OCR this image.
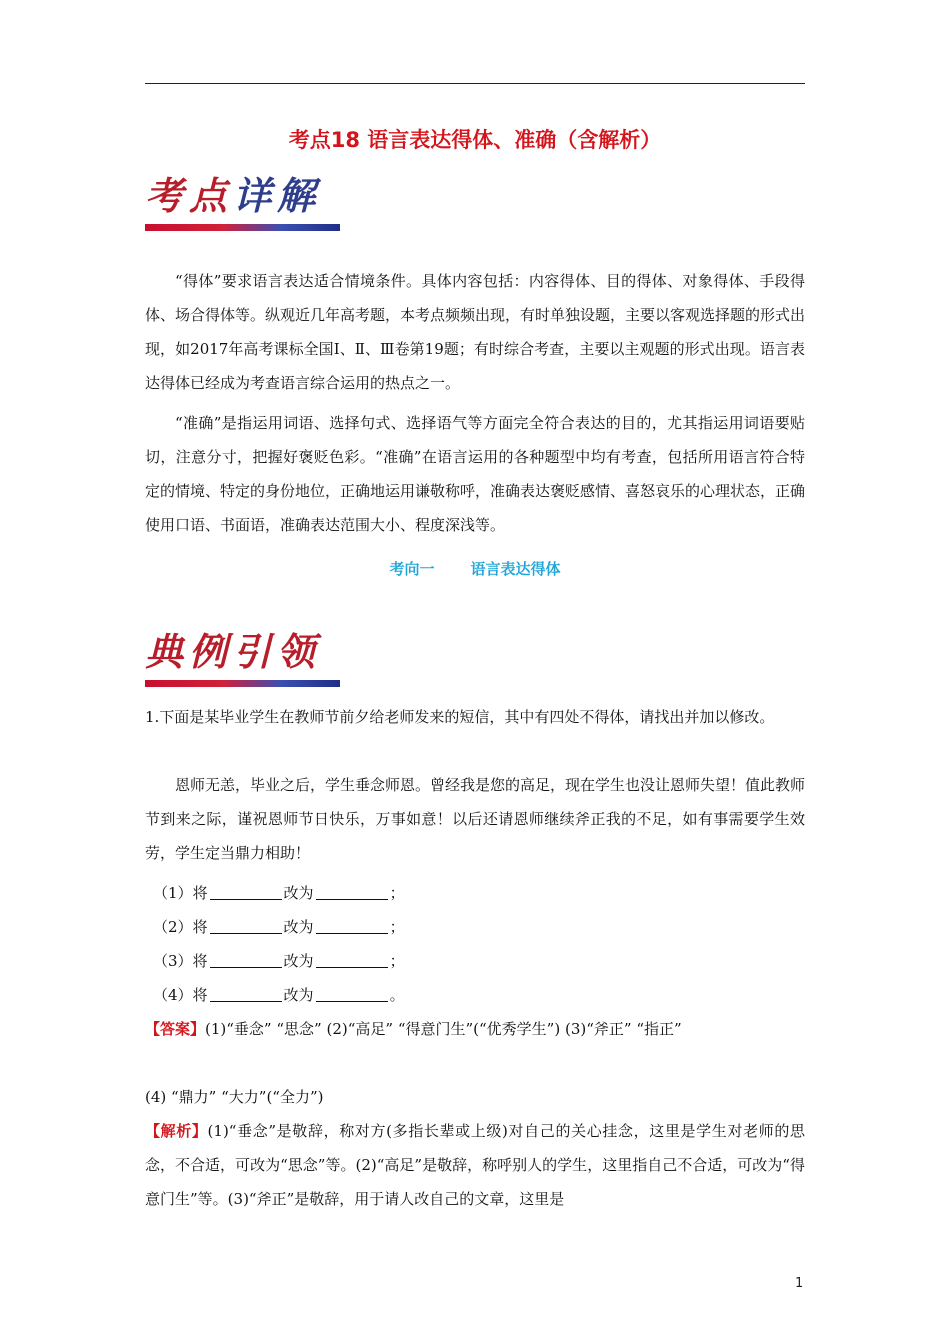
考点18 语言表达得体、准确（含解析）
考点详解
“得体”要求语言表达适合情境条件。具体内容包括：内容得体、目的得体、对象得体、手段得体、场合得体等。纵观近几年高考题，本考点频频出现，有时单独设题，主要以客观选择题的形式出现，如2017年高考课标全国Ⅰ、Ⅱ、Ⅲ卷第19题；有时综合考查，主要以主观题的形式出现。语言表达得体已经成为考查语言综合运用的热点之一。
“准确”是指运用词语、选择句式、选择语气等方面完全符合表达的目的，尤其指运用词语要贴切，注意分寸，把握好褒贬色彩。“准确”在语言运用的各种题型中均有考查，包括所用语言符合特定的情境、特定的身份地位，正确地运用谦敬称呼，准确表达褒贬感情、喜怒哀乐的心理状态，正确使用口语、书面语，准确表达范围大小、程度深浅等。
考向一 语言表达得体
典例引领
1.下面是某毕业学生在教师节前夕给老师发来的短信，其中有四处不得体，请找出并加以修改。
恩师无恙，毕业之后，学生垂念师恩。曾经我是您的高足，现在学生也没让恩师失望！值此教师节到来之际，谨祝恩师节日快乐，万事如意！以后还请恩师继续斧正我的不足，如有事需要学生效劳，学生定当鼎力相助！
（1）将	改为	；
（2）将	改为	；
（3）将	改为	；
（4）将	改为	。
【答案】(1)“垂念” “思念” (2)“高足” “得意门生”(“优秀学生”) (3)“斧正” “指正”
(4) “鼎力” “大力”(“全力”)
【解析】(1)“垂念”是敬辞，称对方(多指长辈或上级)对自己的关心挂念，这里是学生对老师的思念，不合适，可改为“思念”等。(2)“高足”是敬辞，称呼别人的学生，这里指自己不合适，可改为“得意门生”等。(3)“斧正”是敬辞，用于请人改自己的文章，这里是
1
